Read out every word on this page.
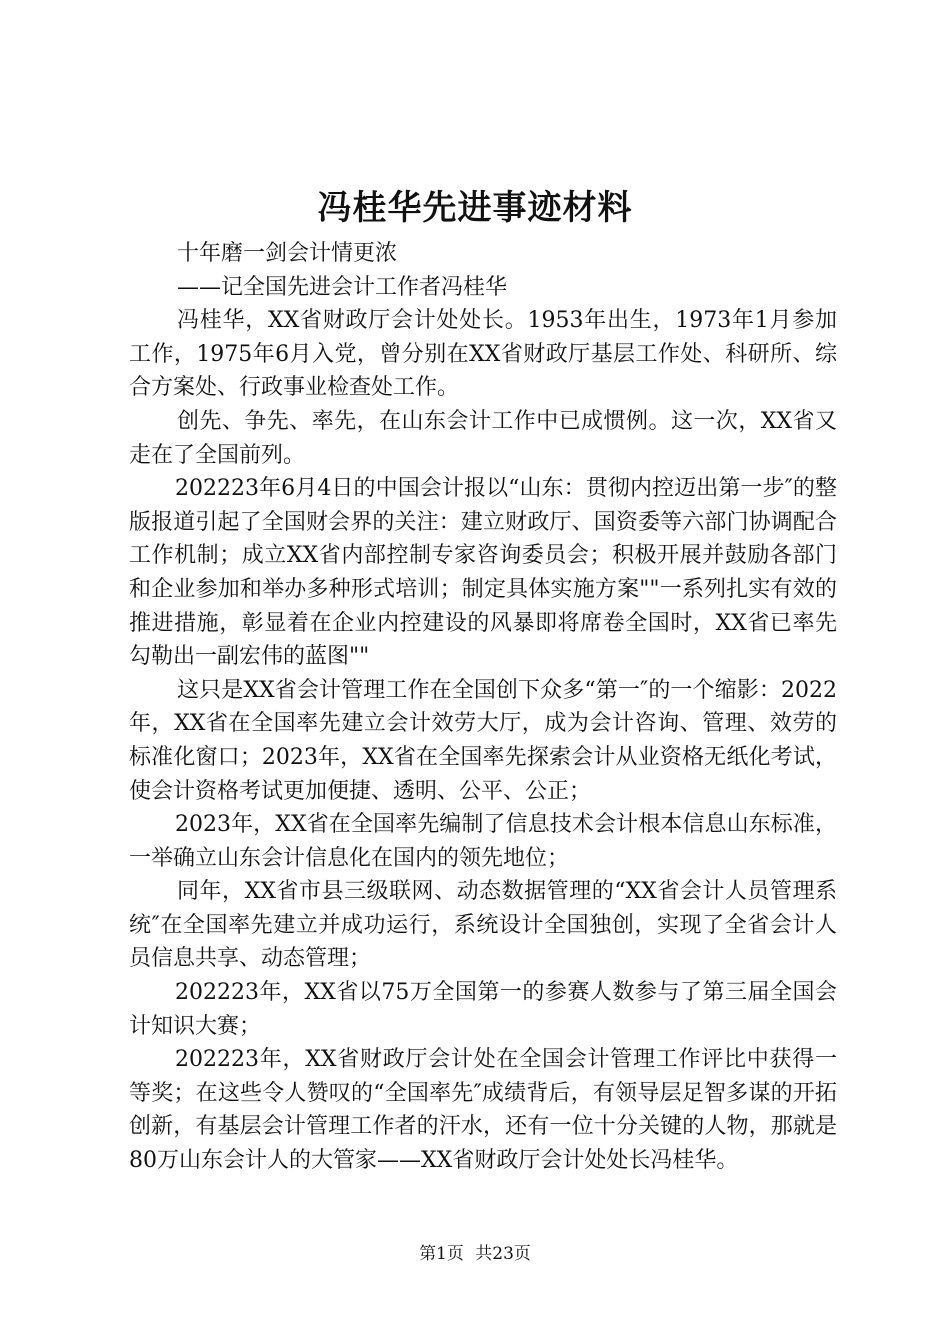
冯桂华先进事迹材料

十年磨一剑会计情更浓

——记全国先进会计工作者冯桂华

冯桂华，XX省财政厅会计处处长。1953年出生，1973年1月参加工作，1975年6月入党，曾分别在XX省财政厅基层工作处、科研所、综合方案处、行政事业检查处工作。

创先、争先、率先，在山东会计工作中已成惯例。这一次，XX省又走在了全国前列。

202223年6月4日的中国会计报以“山东：贯彻内控迈出第一步″的整版报道引起了全国财会界的关注：建立财政厅、国资委等六部门协调配合工作机制；成立XX省内部控制专家咨询委员会；积极开展并鼓励各部门和企业参加和举办多种形式培训；制定具体实施方案""一系列扎实有效的推进措施，彰显着在企业内控建设的风暴即将席卷全国时，XX省已率先勾勒出一副宏伟的蓝图""

这只是XX省会计管理工作在全国创下众多“第一″的一个缩影：2022年，XX省在全国率先建立会计效劳大厅，成为会计咨询、管理、效劳的标准化窗口；2023年，XX省在全国率先探索会计从业资格无纸化考试，使会计资格考试更加便捷、透明、公平、公正；

2023年，XX省在全国率先编制了信息技术会计根本信息山东标准，一举确立山东会计信息化在国内的领先地位；

同年，XX省市县三级联网、动态数据管理的“XX省会计人员管理系统″在全国率先建立并成功运行，系统设计全国独创，实现了全省会计人员信息共享、动态管理；

202223年，XX省以75万全国第一的参赛人数参与了第三届全国会计知识大赛；

202223年，XX省财政厅会计处在全国会计管理工作评比中获得一等奖；在这些令人赞叹的“全国率先″成绩背后，有领导层足智多谋的开拓创新，有基层会计管理工作者的汗水，还有一位十分关键的人物，那就是80万山东会计人的大管家——XX省财政厅会计处处长冯桂华。

第1页 共23页
